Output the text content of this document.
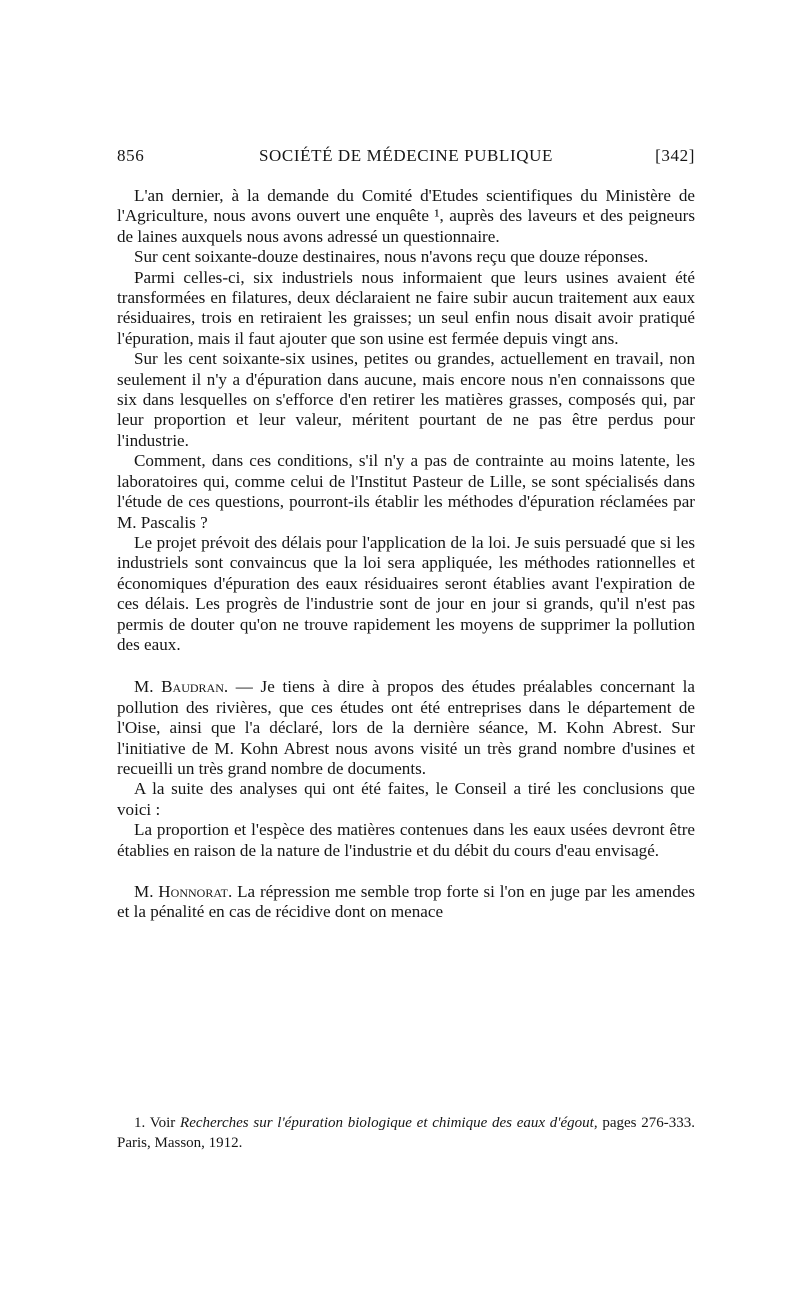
856	SOCIÉTÉ DE MÉDECINE PUBLIQUE	[342]

L'an dernier, à la demande du Comité d'Etudes scientifiques du Ministère de l'Agriculture, nous avons ouvert une enquête ¹, auprès des laveurs et des peigneurs de laines auxquels nous avons adressé un questionnaire.

Sur cent soixante-douze destinaires, nous n'avons reçu que douze réponses.

Parmi celles-ci, six industriels nous informaient que leurs usines avaient été transformées en filatures, deux déclaraient ne faire subir aucun traitement aux eaux résiduaires, trois en retiraient les graisses; un seul enfin nous disait avoir pratiqué l'épuration, mais il faut ajouter que son usine est fermée depuis vingt ans.

Sur les cent soixante-six usines, petites ou grandes, actuellement en travail, non seulement il n'y a d'épuration dans aucune, mais encore nous n'en connaissons que six dans lesquelles on s'efforce d'en retirer les matières grasses, composés qui, par leur proportion et leur valeur, méritent pourtant de ne pas être perdus pour l'industrie.

Comment, dans ces conditions, s'il n'y a pas de contrainte au moins latente, les laboratoires qui, comme celui de l'Institut Pasteur de Lille, se sont spécialisés dans l'étude de ces questions, pourront-ils établir les méthodes d'épuration réclamées par M. Pascalis ?

Le projet prévoit des délais pour l'application de la loi. Je suis persuadé que si les industriels sont convaincus que la loi sera appliquée, les méthodes rationnelles et économiques d'épuration des eaux résiduaires seront établies avant l'expiration de ces délais. Les progrès de l'industrie sont de jour en jour si grands, qu'il n'est pas permis de douter qu'on ne trouve rapidement les moyens de supprimer la pollution des eaux.

M. Baudran. — Je tiens à dire à propos des études préalables concernant la pollution des rivières, que ces études ont été entreprises dans le département de l'Oise, ainsi que l'a déclaré, lors de la dernière séance, M. Kohn Abrest. Sur l'initiative de M. Kohn Abrest nous avons visité un très grand nombre d'usines et recueilli un très grand nombre de documents.

A la suite des analyses qui ont été faites, le Conseil a tiré les conclusions que voici :

La proportion et l'espèce des matières contenues dans les eaux usées devront être établies en raison de la nature de l'industrie et du débit du cours d'eau envisagé.

M. Honnorat. La répression me semble trop forte si l'on en juge par les amendes et la pénalité en cas de récidive dont on menace

1. Voir Recherches sur l'épuration biologique et chimique des eaux d'égout, pages 276-333. Paris, Masson, 1912.
